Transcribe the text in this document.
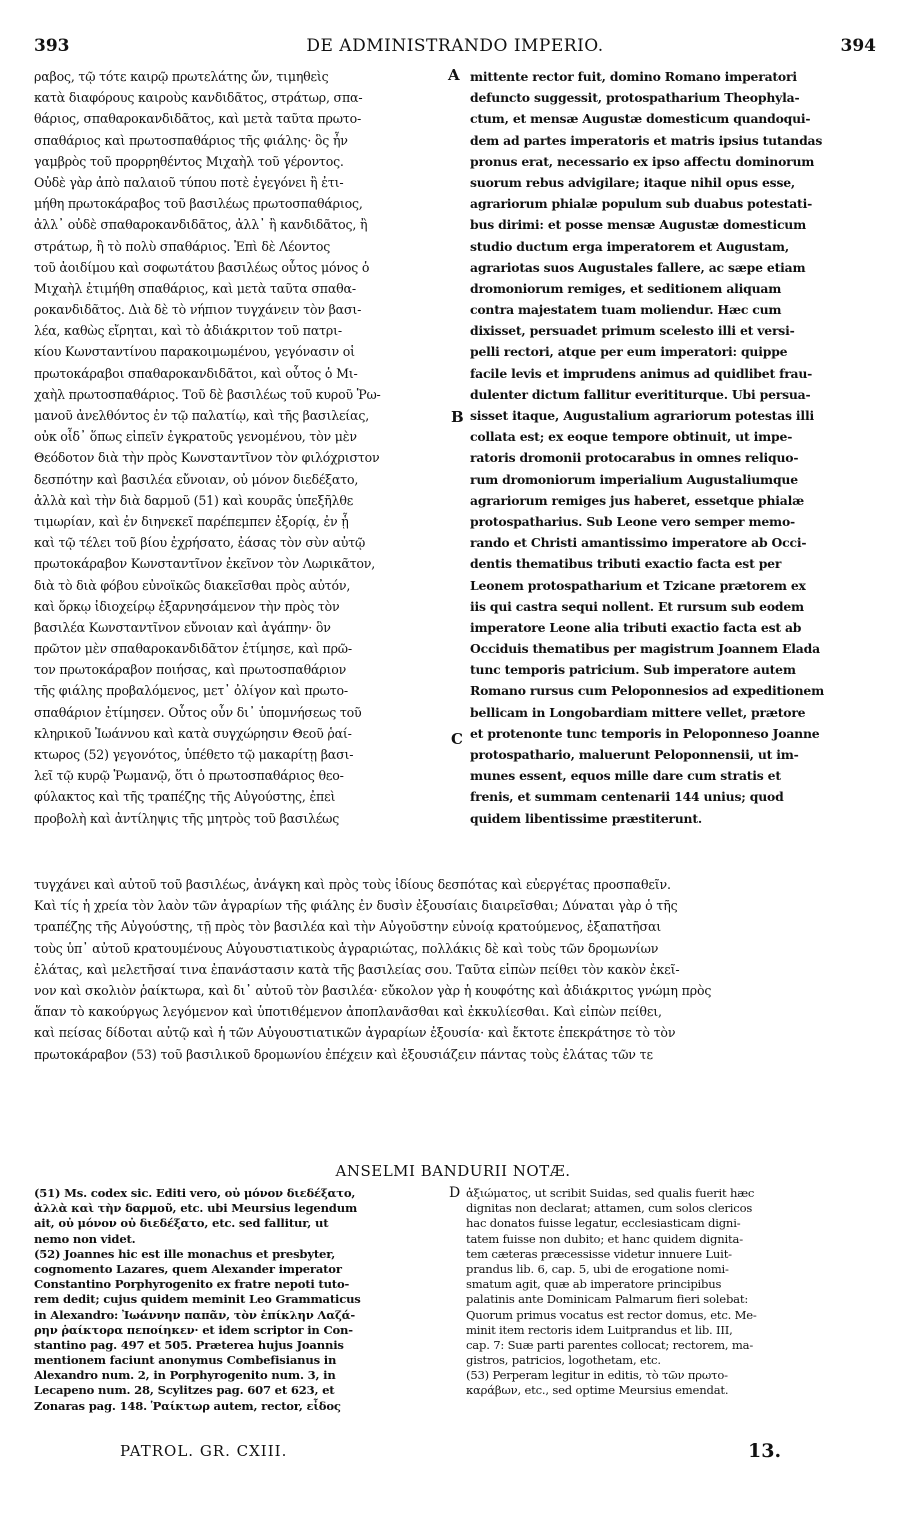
393	DE ADMINISTRANDO IMPERIO.	394
A
B
C
D
ραβος, τῷ τότε καιρῷ πρωτελάτης ὤν, τιμηθεὶς
κατὰ διαφόρους καιροὺς κανδιδᾶτος, στράτωρ, σπα-
θάριος, σπαθαροκανδιδᾶτος, καὶ μετὰ ταῦτα πρωτο-
σπαθάριος καὶ πρωτοσπαθάριος τῆς φιάλης· ὃς ἦν
γαμβρὸς τοῦ προρρηθέντος Μιχαὴλ τοῦ γέροντος.
Οὐδὲ γὰρ ἀπὸ παλαιοῦ τύπου ποτὲ ἐγεγόνει ἢ ἐτι-
μήθη πρωτοκάραβος τοῦ βασιλέως πρωτοσπαθάριος,
ἀλλ᾽ οὐδὲ σπαθαροκανδιδᾶτος, ἀλλ᾽ ἢ κανδιδᾶτος, ἢ
στράτωρ, ἢ τὸ πολὺ σπαθάριος. Ἐπὶ δὲ Λέοντος
τοῦ ἀοιδίμου καὶ σοφωτάτου βασιλέως οὗτος μόνος ὁ
Μιχαὴλ ἐτιμήθη σπαθάριος, καὶ μετὰ ταῦτα σπαθα-
ροκανδιδᾶτος. Διὰ δὲ τὸ νήπιον τυγχάνειν τὸν βασι-
λέα, καθὼς εἴρηται, καὶ τὸ ἀδιάκριτον τοῦ πατρι-
κίου Κωνσταντίνου παρακοιμωμένου, γεγόνασιν οἱ
πρωτοκάραβοι σπαθαροκανδιδᾶτοι, καὶ οὗτος ὁ Μι-
χαὴλ πρωτοσπαθάριος. Τοῦ δὲ βασιλέως τοῦ κυροῦ Ῥω-
μανοῦ ἀνελθόντος ἐν τῷ παλατίῳ, καὶ τῆς βασιλείας,
οὐκ οἶδ᾽ ὅπως εἰπεῖν ἐγκρατοῦς γενομένου, τὸν μὲν
Θεόδοτον διὰ τὴν πρὸς Κωνσταντῖνον τὸν φιλόχριστον
δεσπότην καὶ βασιλέα εὔνοιαν, οὐ μόνον διεδέξατο,
ἀλλὰ καὶ τὴν διὰ δαρμοῦ (51) καὶ κουρᾶς ὑπεξῆλθε
τιμωρίαν, καὶ ἐν διηνεκεῖ παρέπεμπεν ἐξορίᾳ, ἐν ᾗ
καὶ τῷ τέλει τοῦ βίου ἐχρήσατο, ἐάσας τὸν σὺν αὐτῷ
πρωτοκάραβον Κωνσταντῖνον ἐκεῖνον τὸν Λωρικᾶτον,
διὰ τὸ διὰ φόβου εὐνοϊκῶς διακεῖσθαι πρὸς αὐτόν,
καὶ ὅρκῳ ἰδιοχείρῳ ἐξαρνησάμενον τὴν πρὸς τὸν
βασιλέα Κωνσταντῖνον εὔνοιαν καὶ ἀγάπην· ὃν
πρῶτον μὲν σπαθαροκανδιδᾶτον ἐτίμησε, καὶ πρῶ-
τον πρωτοκάραβον ποιήσας, καὶ πρωτοσπαθάριον
τῆς φιάλης προβαλόμενος, μετ᾽ ὀλίγον καὶ πρωτο-
σπαθάριον ἐτίμησεν. Οὗτος οὖν δι᾽ ὑπομνήσεως τοῦ
κληρικοῦ Ἰωάννου καὶ κατὰ συγχώρησιν Θεοῦ ῥαί-
κτωρος (52) γεγονότος, ὑπέθετο τῷ μακαρίτῃ βασι-
λεῖ τῷ κυρῷ Ῥωμανῷ, ὅτι ὁ πρωτοσπαθάριος θεο-
φύλακτος καὶ τῆς τραπέζης τῆς Αὐγούστης, ἐπεὶ
προβολὴ καὶ ἀντίληψις τῆς μητρὸς τοῦ βασιλέως
mittente rector fuit, domino Romano imperatori
defuncto suggessit, protospatharium Theophyla-
ctum, et mensæ Augustæ domesticum quandoqui-
dem ad partes imperatoris et matris ipsius tutandas
pronus erat, necessario ex ipso affectu dominorum
suorum rebus advigilare; itaque nihil opus esse,
agrariorum phialæ populum sub duabus potestati-
bus dirimi: et posse mensæ Augustæ domesticum
studio ductum erga imperatorem et Augustam,
agrariotas suos Augustales fallere, ac sæpe etiam
dromoniorum remiges, et seditionem aliquam
contra majestatem tuam moliendur. Hæc cum
dixisset, persuadet primum scelesto illi et versi-
pelli rectori, atque per eum imperatori: quippe
facile levis et imprudens animus ad quidlibet frau-
dulenter dictum fallitur everititurque. Ubi persua-
sisset itaque, Augustalium agrariorum potestas illi
collata est; ex eoque tempore obtinuit, ut impe-
ratoris dromonii protocarabus in omnes reliquo-
rum dromoniorum imperialium Augustaliumque
agrariorum remiges jus haberet, essetque phialæ
protospatharius. Sub Leone vero semper memo-
rando et Christi amantissimo imperatore ab Occi-
dentis thematibus tributi exactio facta est per
Leonem protospatharium et Tzicane prætorem ex
iis qui castra sequi nollent. Et rursum sub eodem
imperatore Leone alia tributi exactio facta est ab
Occiduis thematibus per magistrum Joannem Elada
tunc temporis patricium. Sub imperatore autem
Romano rursus cum Peloponnesios ad expeditionem
bellicam in Longobardiam mittere vellet, prætore
et protenonte tunc temporis in Peloponneso Joanne
protospathario, maluerunt Peloponnensii, ut im-
munes essent, equos mille dare cum stratis et
frenis, et summam centenarii 144 unius; quod
quidem libentissime præstiterunt.
τυγχάνει καὶ αὐτοῦ τοῦ βασιλέως, ἀνάγκη καὶ πρὸς τοὺς ἰδίους δεσπότας καὶ εὐεργέτας προσπαθεῖν.
Καὶ τίς ἡ χρεία τὸν λαὸν τῶν ἀγραρίων τῆς φιάλης ἐν δυσὶν ἐξουσίαις διαιρεῖσθαι; Δύναται γὰρ ὁ τῆς
τραπέζης τῆς Αὐγούστης, τῇ πρὸς τὸν βασιλέα καὶ τὴν Αὐγοῦστην εὐνοίᾳ κρατούμενος, ἐξαπατῆσαι
τοὺς ὑπ᾽ αὐτοῦ κρατουμένους Αὐγουστιατικοὺς ἀγραριώτας, πολλάκις δὲ καὶ τοὺς τῶν δρομωνίων
ἐλάτας, καὶ μελετῆσαί τινα ἐπανάστασιν κατὰ τῆς βασιλείας σου. Ταῦτα εἰπὼν πείθει τὸν κακὸν ἐκεῖ-
νον καὶ σκολιὸν ῥαίκτωρα, καὶ δι᾽ αὐτοῦ τὸν βασιλέα· εὔκολον γὰρ ἡ κουφότης καὶ ἀδιάκριτος γνώμη πρὸς
ἅπαν τὸ κακούργως λεγόμενον καὶ ὑποτιθέμενον ἀποπλανᾶσθαι καὶ ἐκκυλίεσθαι. Καὶ εἰπὼν πείθει,
καὶ πείσας δίδοται αὐτῷ καὶ ἡ τῶν Αὐγουστιατικῶν ἀγραρίων ἐξουσία· καὶ ἔκτοτε ἐπεκράτησε τὸ τὸν
πρωτοκάραβον (53) τοῦ βασιλικοῦ δρομωνίου ἐπέχειν καὶ ἐξουσιάζειν πάντας τοὺς ἐλάτας τῶν τε
ANSELMI BANDURII NOTÆ.
(51) Ms. codex sic. Editi vero, οὐ μόνον διεδέξατο,
ἀλλὰ καὶ τὴν δαρμοῦ, etc. ubi Meursius legendum
ait, οὐ μόνον οὐ διεδέξατο, etc. sed fallitur, ut
nemo non videt.
(52) Joannes hic est ille monachus et presbyter,
cognomento Lazares, quem Alexander imperator
Constantino Porphyrogenito ex fratre nepoti tuto-
rem dedit; cujus quidem meminit Leo Grammaticus
in Alexandro: Ἰωάννην παπᾶν, τὸν ἐπίκλην Λαζά-
ρην ῥαίκτορα πεποίηκεν· et idem scriptor in Con-
stantino pag. 497 et 505. Præterea hujus Joannis
mentionem faciunt anonymus Combefisianus in
Alexandro num. 2, in Porphyrogenito num. 3, in
Lecapeno num. 28, Scylitzes pag. 607 et 623, et
Zonaras pag. 148. Ῥαίκτωρ autem, rector, εἶδος
ἀξιώματος, ut scribit Suidas, sed qualis fuerit hæc
dignitas non declarat; attamen, cum solos clericos
hac donatos fuisse legatur, ecclesiasticam digni-
tatem fuisse non dubito; et hanc quidem dignita-
tem cæteras præcessisse videtur innuere Luit-
prandus lib. 6, cap. 5, ubi de erogatione nomi-
smatum agit, quæ ab imperatore principibus
palatinis ante Dominicam Palmarum fieri solebat:
Quorum primus vocatus est rector domus, etc. Me-
minit item rectoris idem Luitprandus et lib. III,
cap. 7: Suæ parti parentes collocat; rectorem, ma-
gistros, patricios, logothetam, etc.
(53) Perperam legitur in editis, τὸ τῶν πρωτο-
καράβων, etc., sed optime Meursius emendat.
PATROL. GR. CXIII.	13.
